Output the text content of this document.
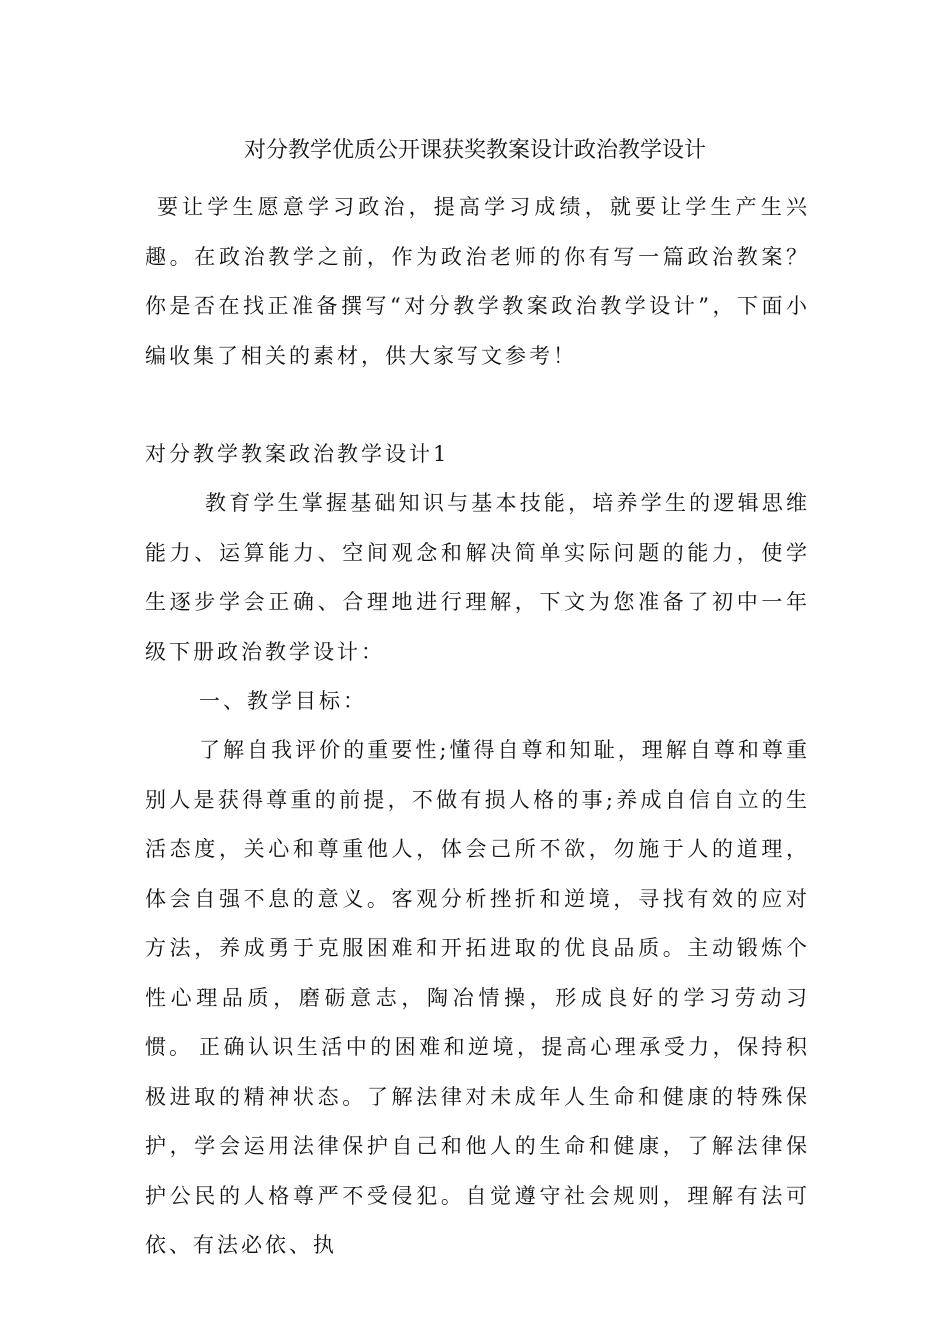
对分教学优质公开课获奖教案设计政治教学设计

要让学生愿意学习政治，提高学习成绩，就要让学生产生兴趣。在政治教学之前，作为政治老师的你有写一篇政治教案？你是否在找正准备撰写“对分教学教案政治教学设计”，下面小编收集了相关的素材，供大家写文参考！

对分教学教案政治教学设计1

教育学生掌握基础知识与基本技能，培养学生的逻辑思维能力、运算能力、空间观念和解决简单实际问题的能力，使学生逐步学会正确、合理地进行理解，下文为您准备了初中一年级下册政治教学设计：

一、教学目标：

了解自我评价的重要性;懂得自尊和知耻，理解自尊和尊重别人是获得尊重的前提，不做有损人格的事;养成自信自立的生活态度，关心和尊重他人，体会己所不欲，勿施于人的道理，体会自强不息的意义。客观分析挫折和逆境，寻找有效的应对方法，养成勇于克服困难和开拓进取的优良品质。主动锻炼个性心理品质，磨砺意志，陶冶情操，形成良好的学习劳动习惯。 正确认识生活中的困难和逆境，提高心理承受力，保持积极进取的精神状态。了解法律对未成年人生命和健康的特殊保护，学会运用法律保护自己和他人的生命和健康，了解法律保护公民的人格尊严不受侵犯。自觉遵守社会规则，理解有法可依、有法必依、执
